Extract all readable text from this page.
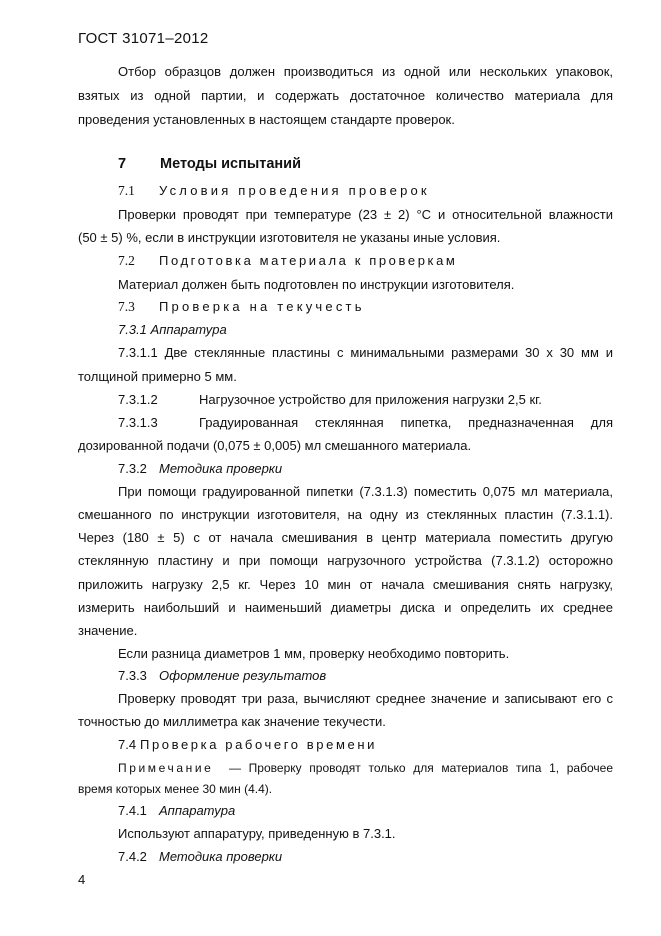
ГОСТ 31071–2012
Отбор образцов должен производиться из одной или нескольких упаковок,
взятых из одной партии, и содержать достаточное количество материала для
проведения установленных в настоящем стандарте проверок.
7 Методы испытаний
7.1 Условия проведения проверок
Проверки проводят при температуре (23 ± 2) °С и относительной влажности
(50 ± 5) %, если в инструкции изготовителя не указаны иные условия.
7.2 Подготовка материала к проверкам
Материал должен быть подготовлен по инструкции изготовителя.
7.3 Проверка на текучесть
7.3.1 Аппаратура
7.3.1.1 Две стеклянные пластины с минимальными размерами 30 х 30 мм и
толщиной примерно 5 мм.
7.3.1.2	Нагрузочное устройство для приложения нагрузки 2,5 кг.
7.3.1.3	Градуированная стеклянная пипетка, предназначенная для
дозированной подачи (0,075 ± 0,005) мл смешанного материала.
7.3.2 Методика проверки
При помощи градуированной пипетки (7.3.1.3) поместить 0,075 мл материала,
смешанного по инструкции изготовителя, на одну из стеклянных пластин (7.3.1.1).
Через (180 ± 5) с от начала смешивания в центр материала поместить другую
стеклянную пластину и при помощи нагрузочного устройства (7.3.1.2) осторожно
приложить нагрузку 2,5 кг. Через 10 мин от начала смешивания снять нагрузку,
измерить наибольший и наименьший диаметры диска и определить их среднее
значение.
Если разница диаметров 1 мм, проверку необходимо повторить.
7.3.3 Оформление результатов
Проверку проводят три раза, вычисляют среднее значение и записывают его с
точностью до миллиметра как значение текучести.
7.4 Проверка рабочего времени
Примечание — Проверку проводят только для материалов типа 1, рабочее
время которых менее 30 мин (4.4).
7.4.1 Аппаратура
Используют аппаратуру, приведенную в 7.3.1.
7.4.2 Методика проверки
4
